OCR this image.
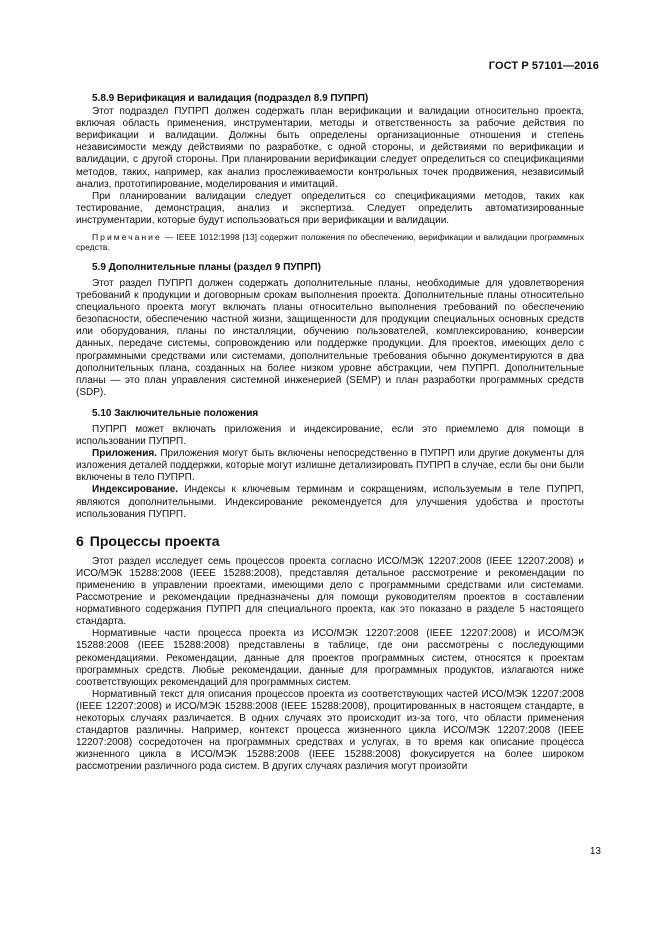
ГОСТ Р 57101—2016
5.8.9 Верификация и валидация (подраздел 8.9 ПУПРП)

Этот подраздел ПУПРП должен содержать план верификации и валидации относительно проекта, включая область применения, инструментарии, методы и ответственность за рабочие действия по верификации и валидации. Должны быть определены организационные отношения и степень независимости между действиями по разработке, с одной стороны, и действиями по верификации и валидации, с другой стороны. При планировании верификации следует определиться со спецификациями методов, таких, например, как анализ прослеживаемости контрольных точек продвижения, независимый анализ, прототипирование, моделирования и имитаций.

При планировании валидации следует определиться со спецификациями методов, таких как тестирование, демонстрация, анализ и экспертиза. Следует определить автоматизированные инструментарии, которые будут использоваться при верификации и валидации.

Примечание — IEEE 1012:1998 [13] содержит положения по обеспечению, верификации и валидации программных средств.

5.9 Дополнительные планы (раздел 9 ПУПРП)

Этот раздел ПУПРП должен содержать дополнительные планы, необходимые для удовлетворения требований к продукции и договорным срокам выполнения проекта. Дополнительные планы относительно специального проекта могут включать планы относительно выполнения требований по обеспечению безопасности, обеспечению частной жизни, защищенности для продукции специальных основных средств или оборудования, планы по инсталляции, обучению пользователей, комплексированию, конверсии данных, передаче системы, сопровождению или поддержке продукции. Для проектов, имеющих дело с программными средствами или системами, дополнительные требования обычно документируются в два дополнительных плана, созданных на более низком уровне абстракции, чем ПУПРП. Дополнительные планы — это план управления системной инженерией (SEMP) и план разработки программных средств (SDP).

5.10 Заключительные положения

ПУПРП может включать приложения и индексирование, если это приемлемо для помощи в использовании ПУПРП.

Приложения. Приложения могут быть включены непосредственно в ПУПРП или другие документы для изложения деталей поддержки, которые могут излишне детализировать ПУПРП в случае, если бы они были включены в тело ПУПРП.

Индексирование. Индексы к ключевым терминам и сокращениям, используемым в теле ПУПРП, являются дополнительными. Индексирование рекомендуется для улучшения удобства и простоты использования ПУПРП.

6 Процессы проекта

Этот раздел исследует семь процессов проекта согласно ИСО/МЭК 12207:2008 (IEEE 12207:2008) и ИСО/МЭК 15288:2008 (IEEE 15288:2008), представляя детальное рассмотрение и рекомендации по применению в управлении проектами, имеющими дело с программными средствами или системами. Рассмотрение и рекомендации предназначены для помощи руководителям проектов в составлении нормативного содержания ПУПРП для специального проекта, как это показано в разделе 5 настоящего стандарта.

Нормативные части процесса проекта из ИСО/МЭК 12207:2008 (IEEE 12207:2008) и ИСО/МЭК 15288:2008 (IEEE 15288:2008) представлены в таблице, где они рассмотрены с последующими рекомендациями. Рекомендации, данные для проектов программных систем, относятся к проектам программных средств. Любые рекомендации, данные для программных продуктов, излагаются ниже соответствующих рекомендаций для программных систем.

Нормативный текст для описания процессов проекта из соответствующих частей ИСО/МЭК 12207:2008 (IEEE 12207:2008) и ИСО/МЭК 15288:2008 (IEEE 15288:2008), процитированных в настоящем стандарте, в некоторых случаях различается. В одних случаях это происходит из-за того, что области применения стандартов различны. Например, контекст процесса жизненного цикла ИСО/МЭК 12207:2008 (IEEE 12207:2008) сосредоточен на программных средствах и услугах, в то время как описание процесса жизненного цикла в ИСО/МЭК 15288:2008 (IEEE 15288:2008) фокусируется на более широком рассмотрении различного рода систем. В других случаях различия могут произойти

13
